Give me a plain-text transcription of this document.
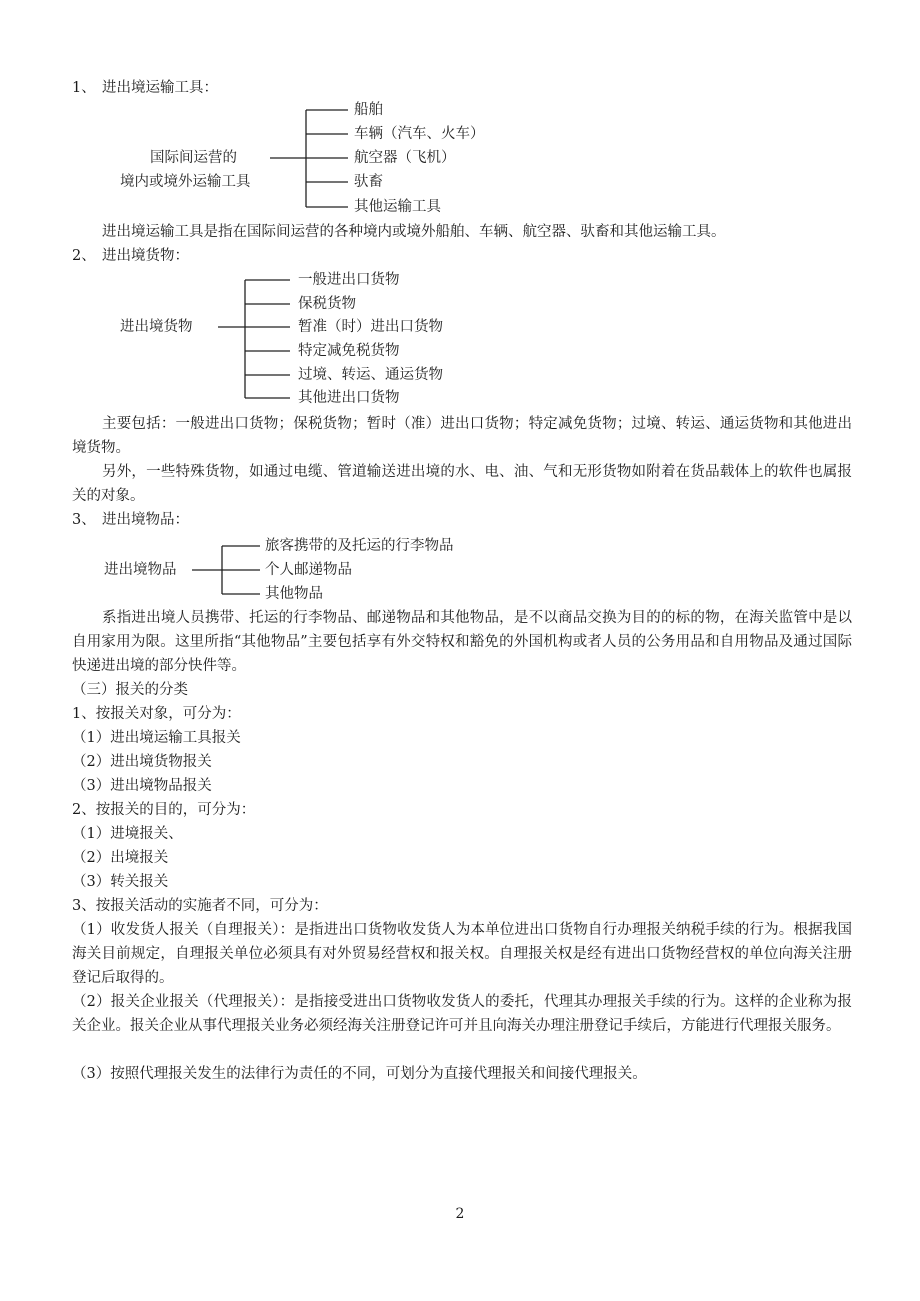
1、 进出境运输工具：
国际间运营的
境内或境外运输工具
船舶
车辆（汽车、火车）
航空器（飞机）
驮畜
其他运输工具
进出境运输工具是指在国际间运营的各种境内或境外船舶、车辆、航空器、驮畜和其他运输工具。
2、 进出境货物：
进出境货物
一般进出口货物
保税货物
暂准（时）进出口货物
特定减免税货物
过境、转运、通运货物
其他进出口货物
主要包括：一般进出口货物；保税货物；暂时（准）进出口货物；特定减免货物；过境、转运、通运货物和其他进出境货物。
另外，一些特殊货物，如通过电缆、管道输送进出境的水、电、油、气和无形货物如附着在货品载体上的软件也属报关的对象。
3、 进出境物品：
进出境物品
旅客携带的及托运的行李物品
个人邮递物品
其他物品
系指进出境人员携带、托运的行李物品、邮递物品和其他物品，是不以商品交换为目的的标的物，在海关监管中是以自用家用为限。这里所指“其他物品”主要包括享有外交特权和豁免的外国机构或者人员的公务用品和自用物品及通过国际快递进出境的部分快件等。
（三）报关的分类
1、按报关对象，可分为：
（1）进出境运输工具报关
（2）进出境货物报关
（3）进出境物品报关
2、按报关的目的，可分为：
（1）进境报关、
（2）出境报关
（3）转关报关
3、按报关活动的实施者不同，可分为：
（1）收发货人报关（自理报关）：是指进出口货物收发货人为本单位进出口货物自行办理报关纳税手续的行为。根据我国海关目前规定，自理报关单位必须具有对外贸易经营权和报关权。自理报关权是经有进出口货物经营权的单位向海关注册登记后取得的。
（2）报关企业报关（代理报关）：是指接受进出口货物收发货人的委托，代理其办理报关手续的行为。这样的企业称为报关企业。报关企业从事代理报关业务必须经海关注册登记许可并且向海关办理注册登记手续后，方能进行代理报关服务。
（3）按照代理报关发生的法律行为责任的不同，可划分为直接代理报关和间接代理报关。
2
